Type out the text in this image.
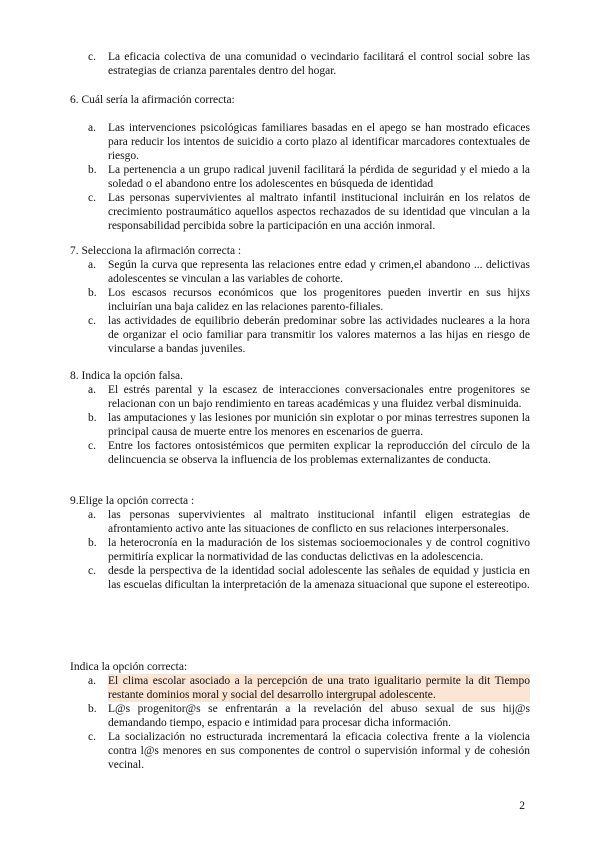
c. La eficacia colectiva de una comunidad o vecindario facilitará el control social sobre las estrategias de crianza parentales dentro del hogar.

6. Cuál sería la afirmación correcta:

a. Las intervenciones psicológicas familiares basadas en el apego se han mostrado eficaces para reducir los intentos de suicidio a corto plazo al identificar marcadores contextuales de riesgo.
b. La pertenencia a un grupo radical juvenil facilitará la pérdida de seguridad y el miedo a la soledad o el abandono entre los adolescentes en búsqueda de identidad
c. Las personas supervivientes al maltrato infantil institucional incluirán en los relatos de crecimiento postraumático aquellos aspectos rechazados de su identidad que vinculan a la responsabilidad percibida sobre la participación en una acción inmoral.

7. Selecciona la afirmación correcta :

a. Según la curva que representa las relaciones entre edad y crimen,el abandono ... delictivas adolescentes se vinculan a las variables de cohorte.
b. Los escasos recursos económicos que los progenitores pueden invertir en sus hijxs incluirían una baja calidez en las relaciones parento-filiales.
c. las actividades de equilibrio deberán predominar sobre las actividades nucleares a la hora de organizar el ocio familiar para transmitir los valores maternos a las hijas en riesgo de vincularse a bandas juveniles.

8. Indica la opción falsa.

a. El estrés parental y la escasez de interacciones conversacionales entre progenitores se relacionan con un bajo rendimiento en tareas académicas y una fluidez verbal disminuida.
b. las amputaciones y las lesiones por munición sin explotar o por minas terrestres suponen la principal causa de muerte entre los menores en escenarios de guerra.
c. Entre los factores ontosistémicos que permiten explicar la reproducción del círculo de la delincuencia se observa la influencia de los problemas externalizantes de conducta.

9.Elige la opción correcta :

a. las personas supervivientes al maltrato institucional infantil eligen estrategias de afrontamiento activo ante las situaciones de conflicto en sus relaciones interpersonales.
b. la heterocronía en la maduración de los sistemas socioemocionales y de control cognitivo permitiría explicar la normatividad de las conductas delictivas en la adolescencia.
c. desde la perspectiva de la identidad social adolescente las señales de equidad y justicia en las escuelas dificultan la interpretación de la amenaza situacional que supone el estereotipo.

Indica la opción correcta:

a. El clima escolar asociado a la percepción de una trato igualitario permite la dit Tiempo restante dominios moral y social del desarrollo intergrupal adolescente.
b. L@s progenitor@s se enfrentarán a la revelación del abuso sexual de sus hij@s demandando tiempo, espacio e intimidad para procesar dicha información.
c. La socialización no estructurada incrementará la eficacia colectiva frente a la violencia contra l@s menores en sus componentes de control o supervisión informal y de cohesión vecinal.
2
